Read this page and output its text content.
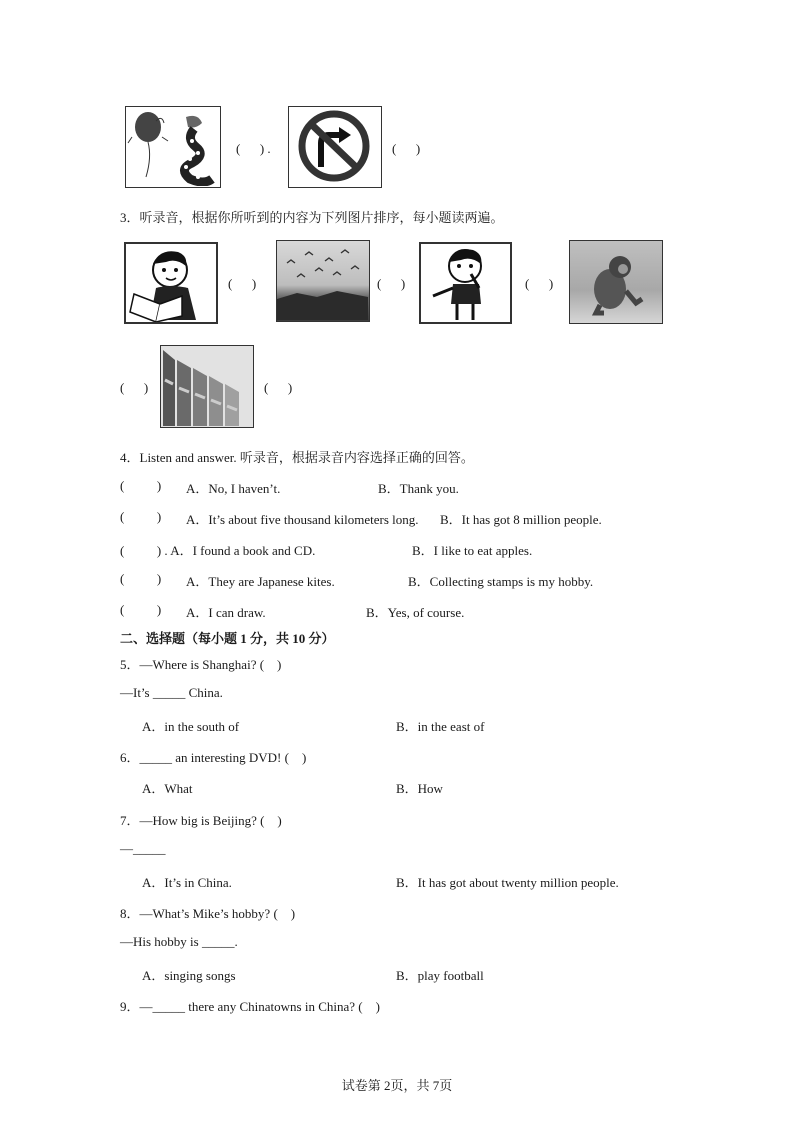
(      ) .	(      )
3．听录音，根据你所听到的内容为下列图片排序，每小题读两遍。
(      )	(      )	(      )
(      )	(      )
4．Listen and answer. 听录音，根据录音内容选择正确的回答。
(          ) A．No, I haven’t.	B．Thank you.
(          ) A．It’s about five thousand kilometers long. B．It has got 8 million people.
(          ) . A．I found a book and CD.	B．I like to eat apples.
(          ) A．They are Japanese kites.	B．Collecting stamps is my hobby.
(          ) A．I can draw.	B．Yes, of course.
二、选择题（每小题 1 分，共 10 分）
5．—Where is Shanghai? (    )
—It’s _____ China.
A．in the south of	B．in the east of
6．_____ an interesting DVD! (    )
A．What	B．How
7．—How big is Beijing? (    )
—_____
A．It’s in China.	B．It has got about twenty million people.
8．—What’s Mike’s hobby? (    )
—His hobby is _____.
A．singing songs	B．play football
9．—_____ there any Chinatowns in China? (    )
试卷第 2页，共 7页
